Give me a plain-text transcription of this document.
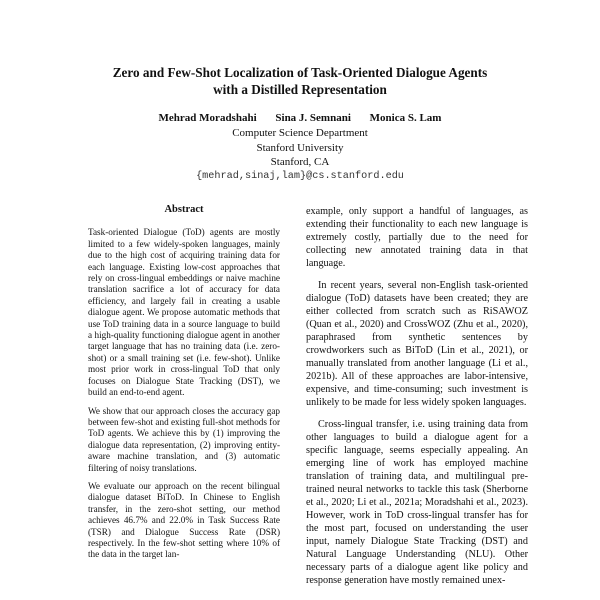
Zero and Few-Shot Localization of Task-Oriented Dialogue Agents
with a Distilled Representation
Mehrad Moradshahi Sina J. Semnani Monica S. Lam
Computer Science Department
Stanford University
Stanford, CA
{mehrad,sinaj,lam}@cs.stanford.edu
Abstract

Task-oriented Dialogue (ToD) agents are mostly limited to a few widely-spoken languages, mainly due to the high cost of acquiring training data for each language. Existing low-cost approaches that rely on cross-lingual embeddings or naive machine translation sacrifice a lot of accuracy for data efficiency, and largely fail in creating a usable dialogue agent. We propose automatic methods that use ToD training data in a source language to build a high-quality functioning dialogue agent in another target language that has no training data (i.e. zero-shot) or a small training set (i.e. few-shot). Unlike most prior work in cross-lingual ToD that only focuses on Dialogue State Tracking (DST), we build an end-to-end agent.

We show that our approach closes the accuracy gap between few-shot and existing full-shot methods for ToD agents. We achieve this by (1) improving the dialogue data representation, (2) improving entity-aware machine translation, and (3) automatic filtering of noisy translations.

We evaluate our approach on the recent bilingual dialogue dataset BiToD. In Chinese to English transfer, in the zero-shot setting, our method achieves 46.7% and 22.0% in Task Success Rate (TSR) and Dialogue Success Rate (DSR) respectively. In the few-shot setting where 10% of the data in the target lan-

example, only support a handful of languages, as extending their functionality to each new language is extremely costly, partially due to the need for collecting new annotated training data in that language.

In recent years, several non-English task-oriented dialogue (ToD) datasets have been created; they are either collected from scratch such as RiSAWOZ (Quan et al., 2020) and CrossWOZ (Zhu et al., 2020), paraphrased from synthetic sentences by crowdworkers such as BiToD (Lin et al., 2021), or manually translated from another language (Li et al., 2021b). All of these approaches are labor-intensive, expensive, and time-consuming; such investment is unlikely to be made for less widely spoken languages.

Cross-lingual transfer, i.e. using training data from other languages to build a dialogue agent for a specific language, seems especially appealing. An emerging line of work has employed machine translation of training data, and multilingual pre-trained neural networks to tackle this task (Sherborne et al., 2020; Li et al., 2021a; Moradshahi et al., 2023). However, work in ToD cross-lingual transfer has for the most part, focused on understanding the user input, namely Dialogue State Tracking (DST) and Natural Language Understanding (NLU). Other necessary parts of a dialogue agent like policy and response generation have mostly remained unex-
